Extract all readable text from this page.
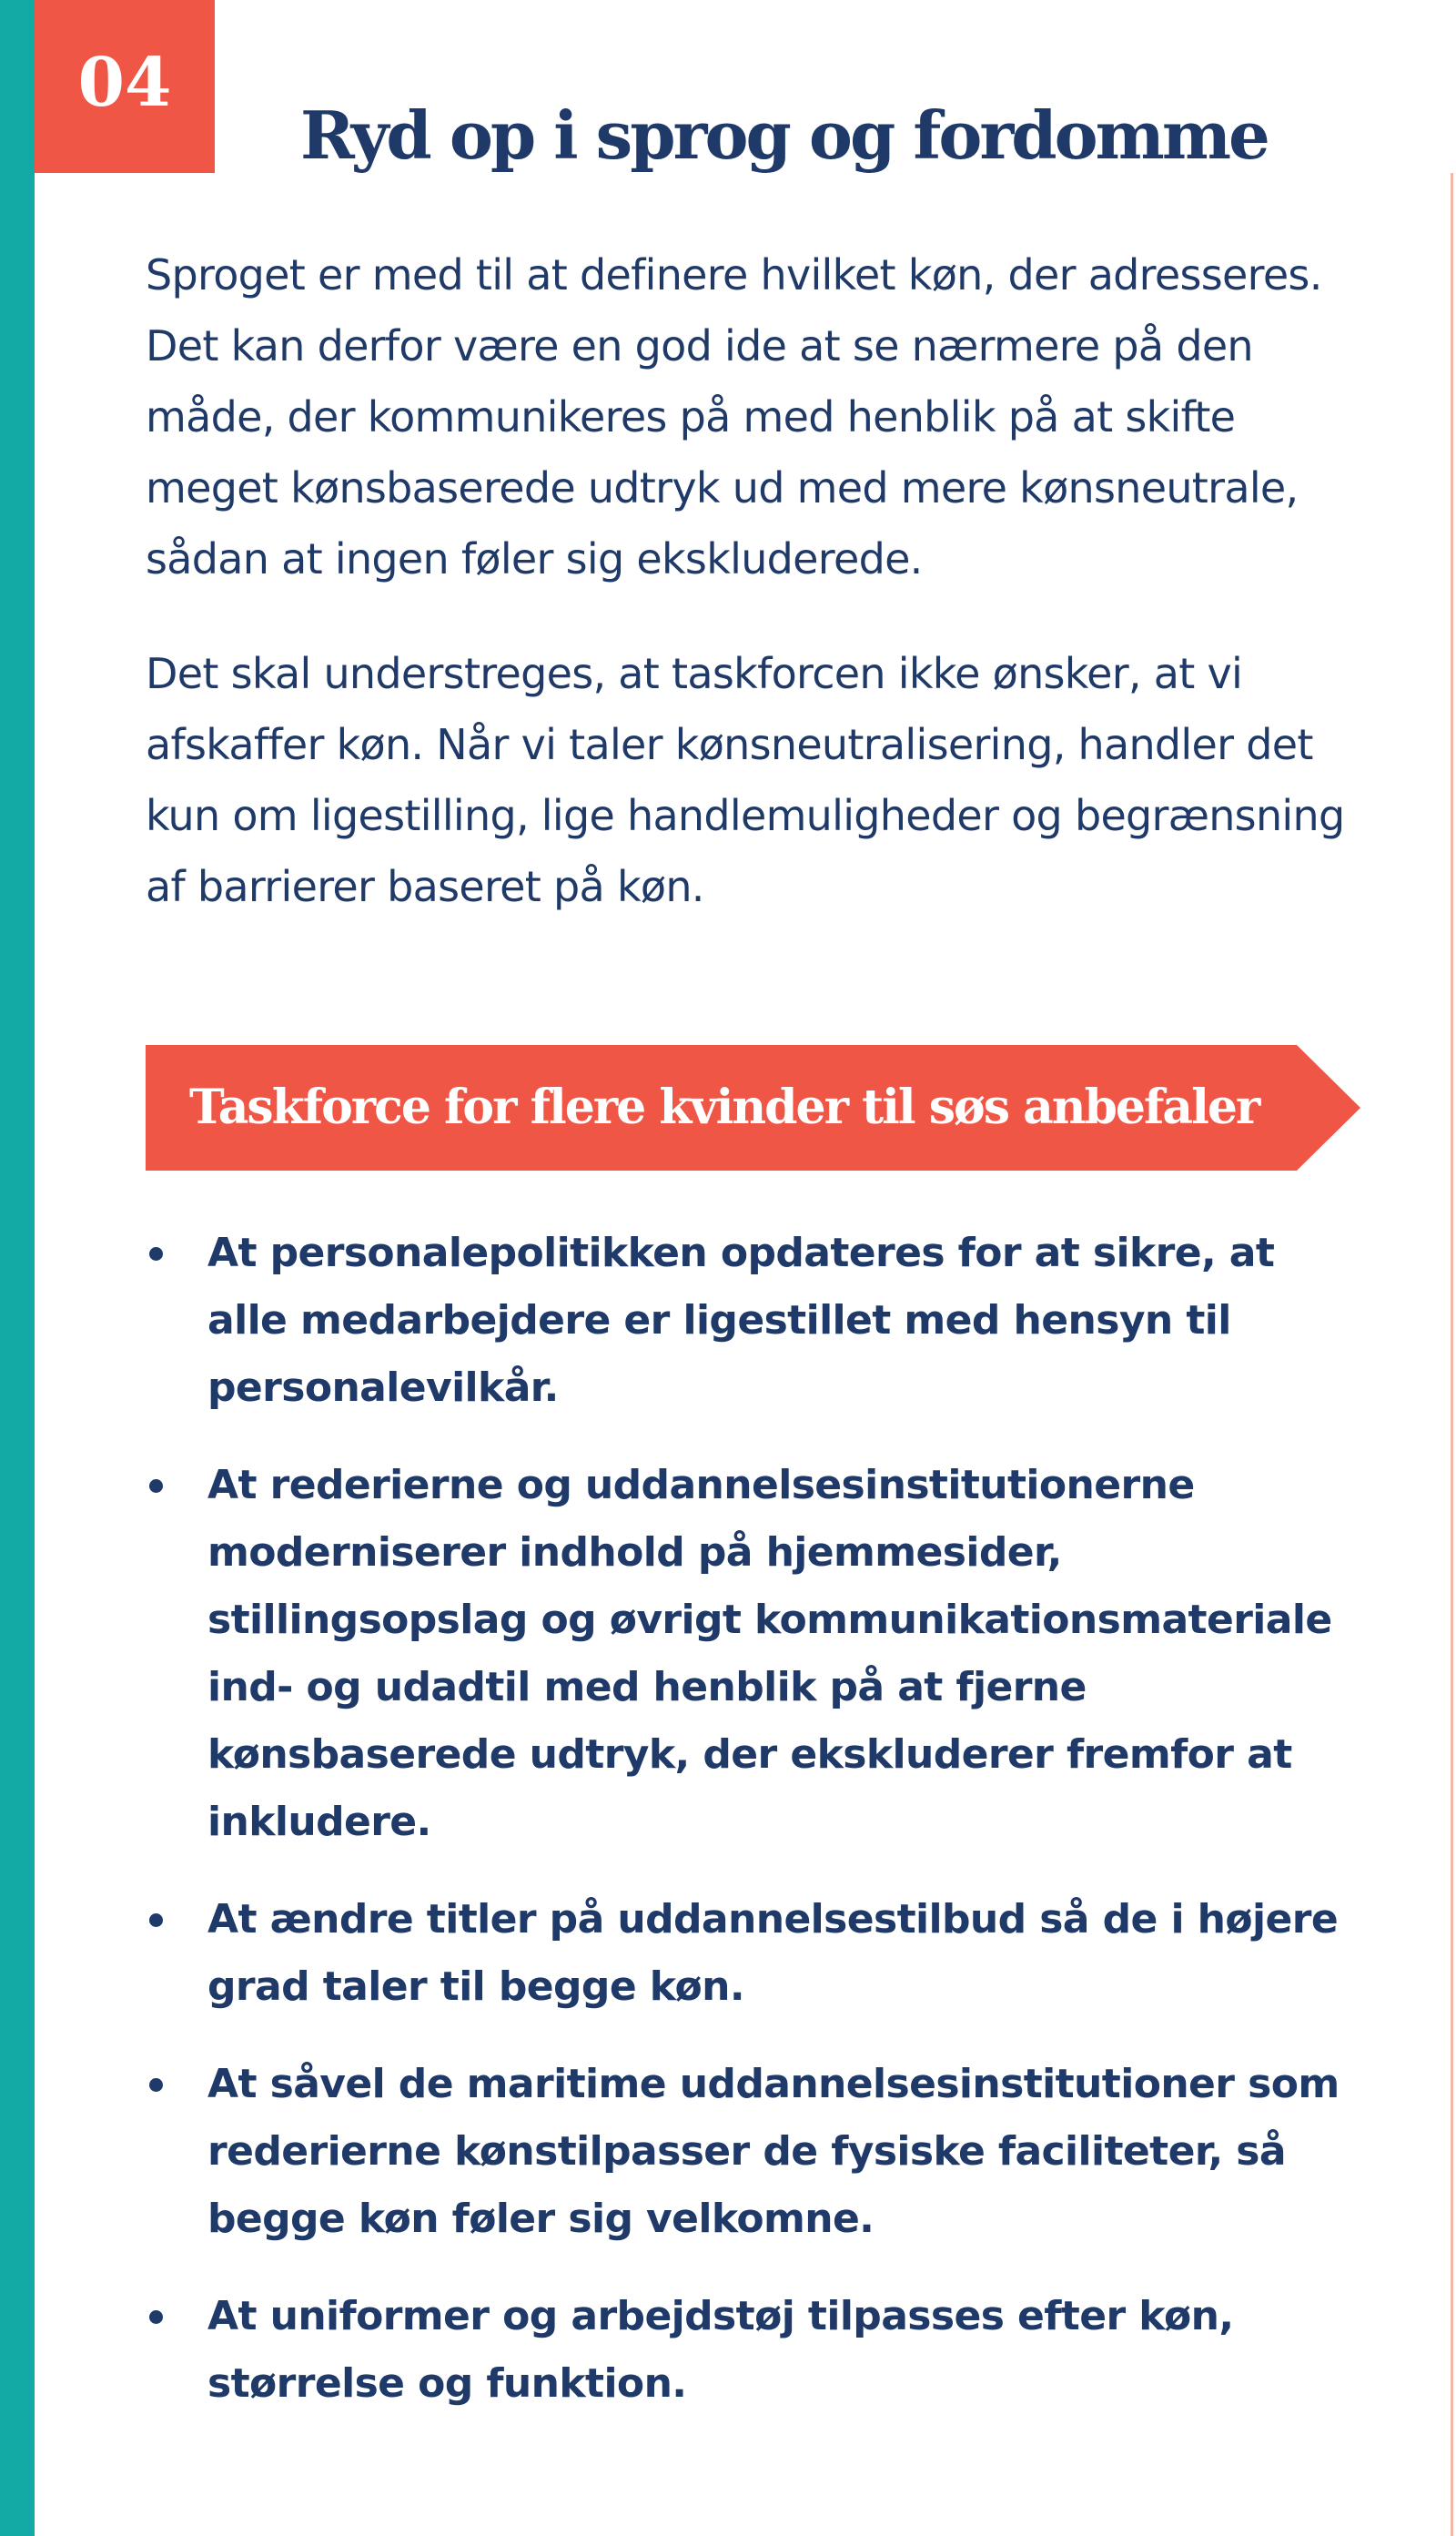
04
Ryd op i sprog og fordomme

Sproget er med til at definere hvilket køn, der adresseres. Det kan derfor være en god ide at se nærmere på den måde, der kommunikeres på med henblik på at skifte meget kønsbaserede udtryk ud med mere kønsneutrale, sådan at ingen føler sig ekskluderede.

Det skal understreges, at taskforcen ikke ønsker, at vi afskaffer køn. Når vi taler kønsneutralisering, handler det kun om ligestilling, lige handlemuligheder og begrænsning af barrierer baseret på køn.

Taskforce for flere kvinder til søs anbefaler
At personalepolitikken opdateres for at sikre, at alle medarbejdere er ligestillet med hensyn til personalevilkår.
At rederierne og uddannelsesinstitutionerne moderniserer indhold på hjemmesider, stillingsopslag og øvrigt kommunikationsmateriale ind- og udadtil med henblik på at fjerne kønsbaserede udtryk, der ekskluderer fremfor at inkludere.
At ændre titler på uddannelsestilbud så de i højere grad taler til begge køn.
At såvel de maritime uddannelsesinstitutioner som rederierne kønstilpasser de fysiske faciliteter, så begge køn føler sig velkomne.
At uniformer og arbejdstøj tilpasses efter køn, størrelse og funktion.
